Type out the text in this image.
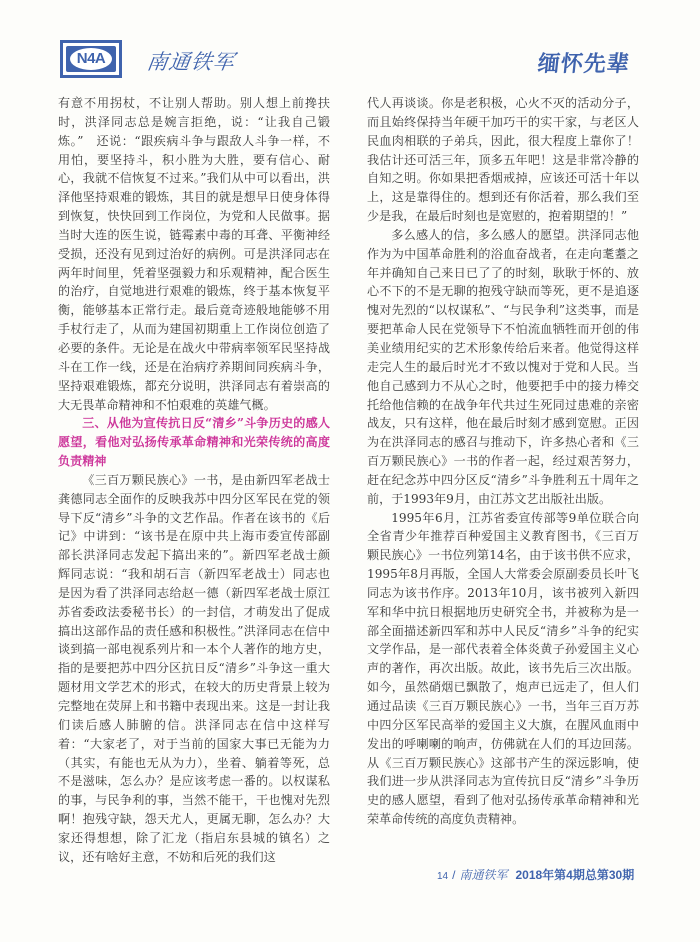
N4A	南通铁军	缅怀先辈

有意不用拐杖，不让别人帮助。别人想上前搀扶时，洪泽同志总是婉言拒绝，说：“让我自己锻炼。”　还说：“跟疾病斗争与跟敌人斗争一样，不用怕，要坚持斗，积小胜为大胜，要有信心、耐心，我就不信恢复不过来。”我们从中可以看出，洪泽他坚持艰难的锻炼，其目的就是想早日使身体得到恢复，快快回到工作岗位，为党和人民做事。据当时大连的医生说，链霉素中毒的耳聋、平衡神经受损，还没有见到过治好的病例。可是洪泽同志在两年时间里，凭着坚强毅力和乐观精神，配合医生的治疗，自觉地进行艰难的锻炼，终于基本恢复平衡，能够基本正常行走。最后竟奇迹般地能够不用手杖行走了，从而为建国初期重上工作岗位创造了必要的条件。无论是在战火中带病率领军民坚持战斗在工作一线，还是在治病疗养期间同疾病斗争，坚持艰难锻炼，都充分说明，洪泽同志有着崇高的大无畏革命精神和不怕艰难的英雄气概。

三、从他为宣传抗日反“清乡”斗争历史的感人愿望，看他对弘扬传承革命精神和光荣传统的高度负责精神

《三百万颗民族心》一书，是由新四军老战士龚德同志全面作的反映我苏中四分区军民在党的领导下反“清乡”斗争的文艺作品。作者在该书的《后记》中讲到：“该书是在原中共上海市委宣传部副部长洪泽同志发起下搞出来的”。新四军老战士颜辉同志说：“我和胡石言（新四军老战士）同志也是因为看了洪泽同志给赵一德（新四军老战士原江苏省委政法委秘书长）的一封信，才萌发出了促成搞出这部作品的责任感和积极性。”洪泽同志在信中谈到搞一部电视系列片和一本个人著作的地方史，指的是要把苏中四分区抗日反“清乡”斗争这一重大题材用文学艺术的形式，在较大的历史背景上较为完整地在荧屏上和书籍中表现出来。这是一封让我们读后感人肺腑的信。洪泽同志在信中这样写着：“大家老了，对于当前的国家大事已无能为力（其实，有能也无从为力），坐着、躺着等死，总不是滋味，怎么办？是应该考虑一番的。以权谋私的事，与民争利的事，当然不能干，干也愧对先烈啊！抱残守缺，怨天尤人，更属无聊，怎么办？大家还得想想，除了汇龙（指启东县城的镇名）之议，还有啥好主意，不妨和后死的我们这

代人再谈谈。你是老积极，心火不灭的活动分子，而且始终保持当年硬干加巧干的实干家，与老区人民血肉相联的子弟兵，因此，很大程度上靠你了！我估计还可活三年，顶多五年吧！这是非常冷静的自知之明。你如果把香烟戒掉，应该还可活十年以上，这是靠得住的。想到还有你活着，那么我们至少是我，在最后时刻也是宽慰的，抱着期望的！”

多么感人的信，多么感人的愿望。洪泽同志他作为为中国革命胜利的浴血奋战者，在走向耄耋之年并确知自己来日已了了的时刻，耿耿于怀的、放心不下的不是无聊的抱残守缺而等死，更不是追逐愧对先烈的“以权谋私”、“与民争利”这类事，而是要把革命人民在党领导下不怕流血牺牲而开创的伟美业绩用纪实的艺术形象传给后来者。他觉得这样走完人生的最后时光才不致以愧对于党和人民。当他自己感到力不从心之时，他要把手中的接力棒交托给他信赖的在战争年代共过生死同过患难的亲密战友，只有这样，他在最后时刻才感到宽慰。正因为在洪泽同志的感召与推动下，许多热心者和《三百万颗民族心》一书的作者一起，经过艰苦努力，赶在纪念苏中四分区反“清乡”斗争胜利五十周年之前，于1993年9月，由江苏文艺出版社出版。

1995年6月，江苏省委宣传部等9单位联合向全省青少年推荐百种爱国主义教育图书，《三百万颗民族心》一书位列第14名，由于该书供不应求，1995年8月再版，全国人大常委会原副委员长叶飞同志为该书作序。2013年10月，该书被列入新四军和华中抗日根据地历史研究全书，并被称为是一部全面描述新四军和苏中人民反“清乡”斗争的纪实文学作品，是一部代表着全体炎黄子孙爱国主义心声的著作，再次出版。故此，该书先后三次出版。如今，虽然硝烟已飘散了，炮声已远走了，但人们通过品读《三百万颗民族心》一书，当年三百万苏中四分区军民高举的爱国主义大旗，在腥风血雨中发出的呼喇喇的响声，仿佛就在人们的耳边回荡。从《三百万颗民族心》这部书产生的深远影响，使我们进一步从洪泽同志为宣传抗日反“清乡”斗争历史的感人愿望，看到了他对弘扬传承革命精神和光荣革命传统的高度负责精神。

14 / 南通铁军 2018年第4期总第30期
